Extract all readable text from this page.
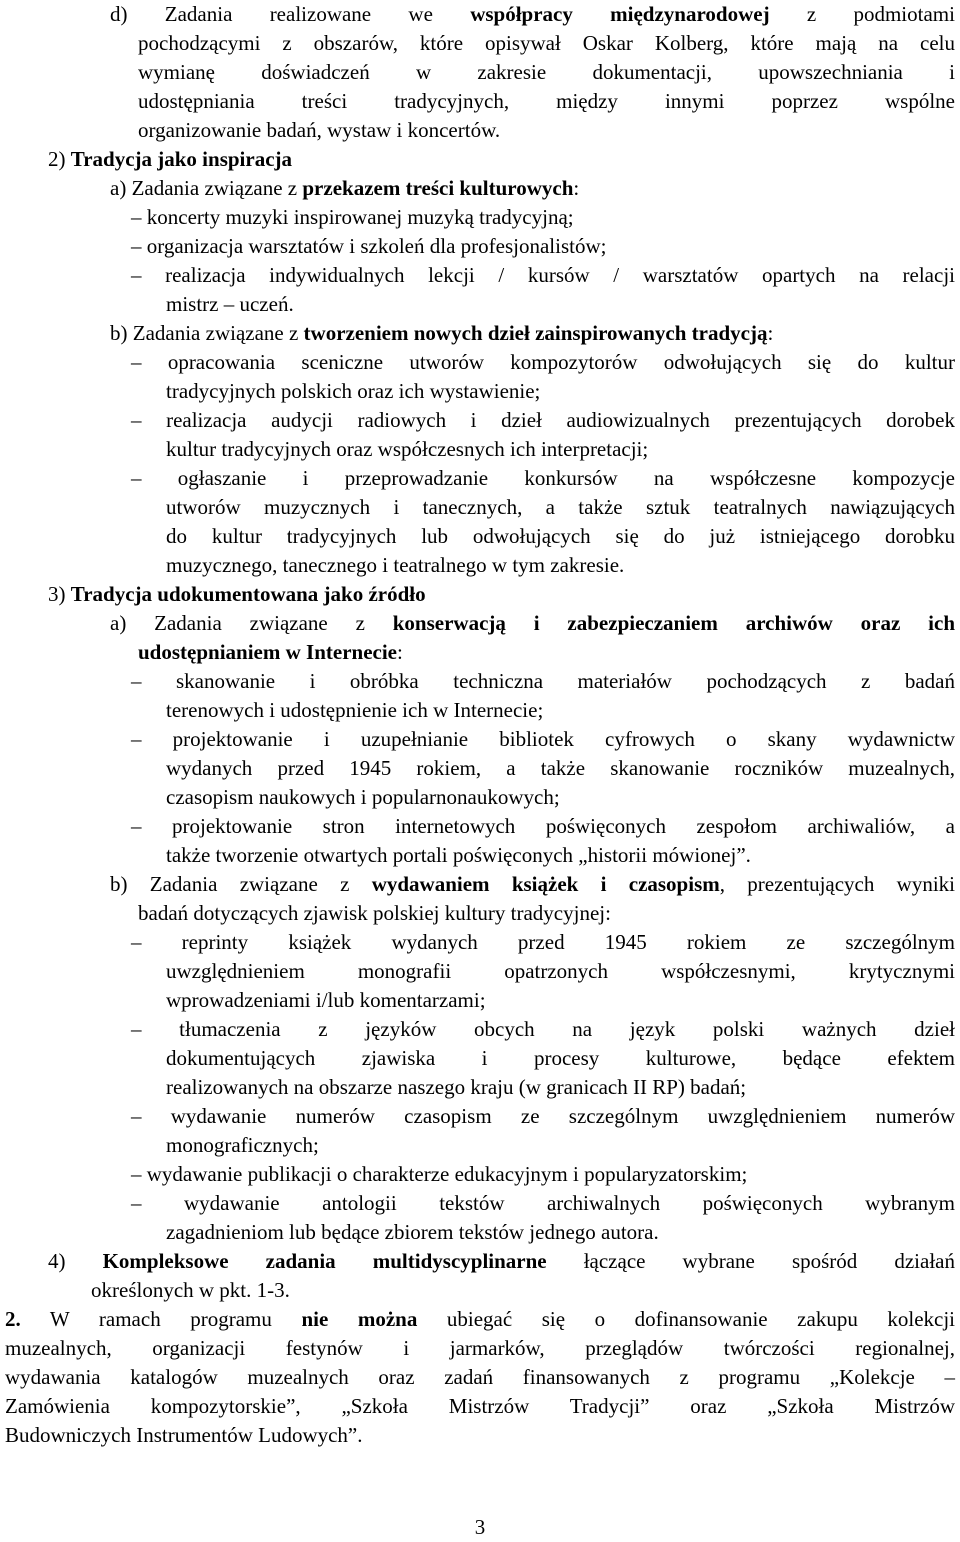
d) Zadania realizowane we współpracy międzynarodowej z podmiotami
pochodzącymi z obszarów, które opisywał Oskar Kolberg, które mają na celu
wymianę doświadczeń w zakresie dokumentacji, upowszechniania i
udostępniania treści tradycyjnych, między innymi poprzez wspólne
organizowanie badań, wystaw i koncertów.
2) Tradycja jako inspiracja
a) Zadania związane z przekazem treści kulturowych:
– koncerty muzyki inspirowanej muzyką tradycyjną;
– organizacja warsztatów i szkoleń dla profesjonalistów;
– realizacja indywidualnych lekcji / kursów / warsztatów opartych na relacji
mistrz – uczeń.
b) Zadania związane z tworzeniem nowych dzieł zainspirowanych tradycją:
– opracowania sceniczne utworów kompozytorów odwołujących się do kultur
tradycyjnych polskich oraz ich wystawienie;
– realizacja audycji radiowych i dzieł audiowizualnych prezentujących dorobek
kultur tradycyjnych oraz współczesnych ich interpretacji;
– ogłaszanie i przeprowadzanie konkursów na współczesne kompozycje
utworów muzycznych i tanecznych, a także sztuk teatralnych nawiązujących
do kultur tradycyjnych lub odwołujących się do już istniejącego dorobku
muzycznego, tanecznego i teatralnego w tym zakresie.
3) Tradycja udokumentowana jako źródło
a) Zadania związane z konserwacją i zabezpieczaniem archiwów oraz ich
udostępnianiem w Internecie:
– skanowanie i obróbka techniczna materiałów pochodzących z badań
terenowych i udostępnienie ich w Internecie;
– projektowanie i uzupełnianie bibliotek cyfrowych o skany wydawnictw
wydanych przed 1945 rokiem, a także skanowanie roczników muzealnych,
czasopism naukowych i popularnonaukowych;
– projektowanie stron internetowych poświęconych zespołom archiwaliów, a
także tworzenie otwartych portali poświęconych „historii mówionej”.
b) Zadania związane z wydawaniem książek i czasopism, prezentujących wyniki
badań dotyczących zjawisk polskiej kultury tradycyjnej:
– reprinty książek wydanych przed 1945 rokiem ze szczególnym
uwzględnieniem monografii opatrzonych współczesnymi, krytycznymi
wprowadzeniami i/lub komentarzami;
– tłumaczenia z języków obcych na język polski ważnych dzieł
dokumentujących zjawiska i procesy kulturowe, będące efektem
realizowanych na obszarze naszego kraju (w granicach II RP) badań;
– wydawanie numerów czasopism ze szczególnym uwzględnieniem numerów
monograficznych;
– wydawanie publikacji o charakterze edukacyjnym i popularyzatorskim;
– wydawanie antologii tekstów archiwalnych poświęconych wybranym
zagadnieniom lub będące zbiorem tekstów jednego autora.
4) Kompleksowe zadania multidyscyplinarne łączące wybrane spośród działań
określonych w pkt. 1-3.
2. W ramach programu nie można ubiegać się o dofinansowanie zakupu kolekcji
muzealnych, organizacji festynów i jarmarków, przeglądów twórczości regionalnej,
wydawania katalogów muzealnych oraz zadań finansowanych z programu „Kolekcje –
Zamówienia kompozytorskie”, „Szkoła Mistrzów Tradycji” oraz „Szkoła Mistrzów
Budowniczych Instrumentów Ludowych”.
3
